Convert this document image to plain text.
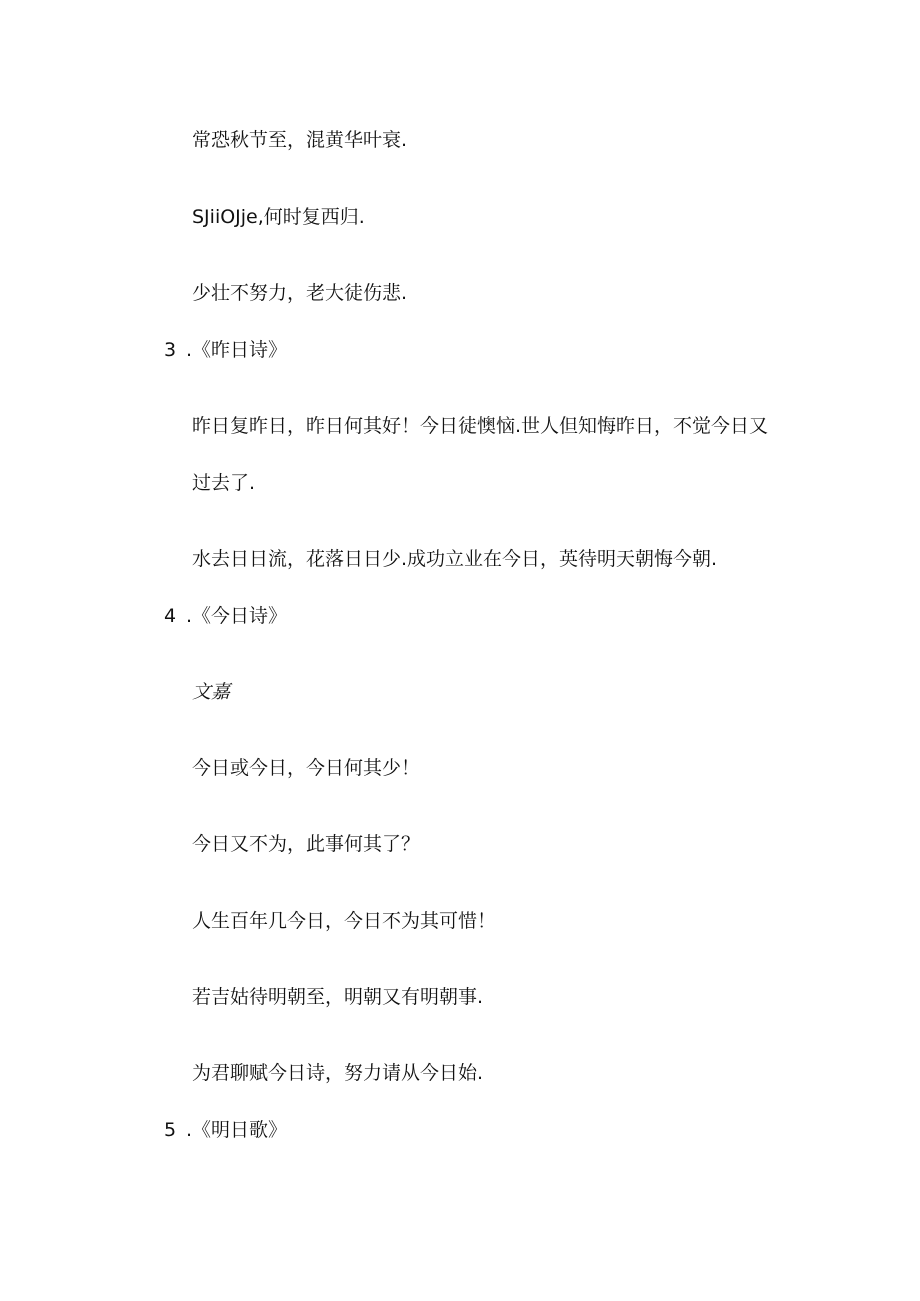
常恐秋节至，混黄华叶衰.
SJiiOJje,何时复西归.
少壮不努力，老大徒伤悲.
3 .《昨日诗》
昨日复昨日，昨日何其好！今日徒懊恼.世人但知悔昨日，不觉今日又
过去了.
水去日日流，花落日日少.成功立业在今日，英待明天朝悔今朝.
4 .《今日诗》
文嘉
今日或今日，今日何其少！
今日又不为，此事何其了？
人生百年几今日，今日不为其可惜！
若吉姑待明朝至，明朝又有明朝事.
为君聊赋今日诗，努力请从今日始.
5 .《明日歌》
